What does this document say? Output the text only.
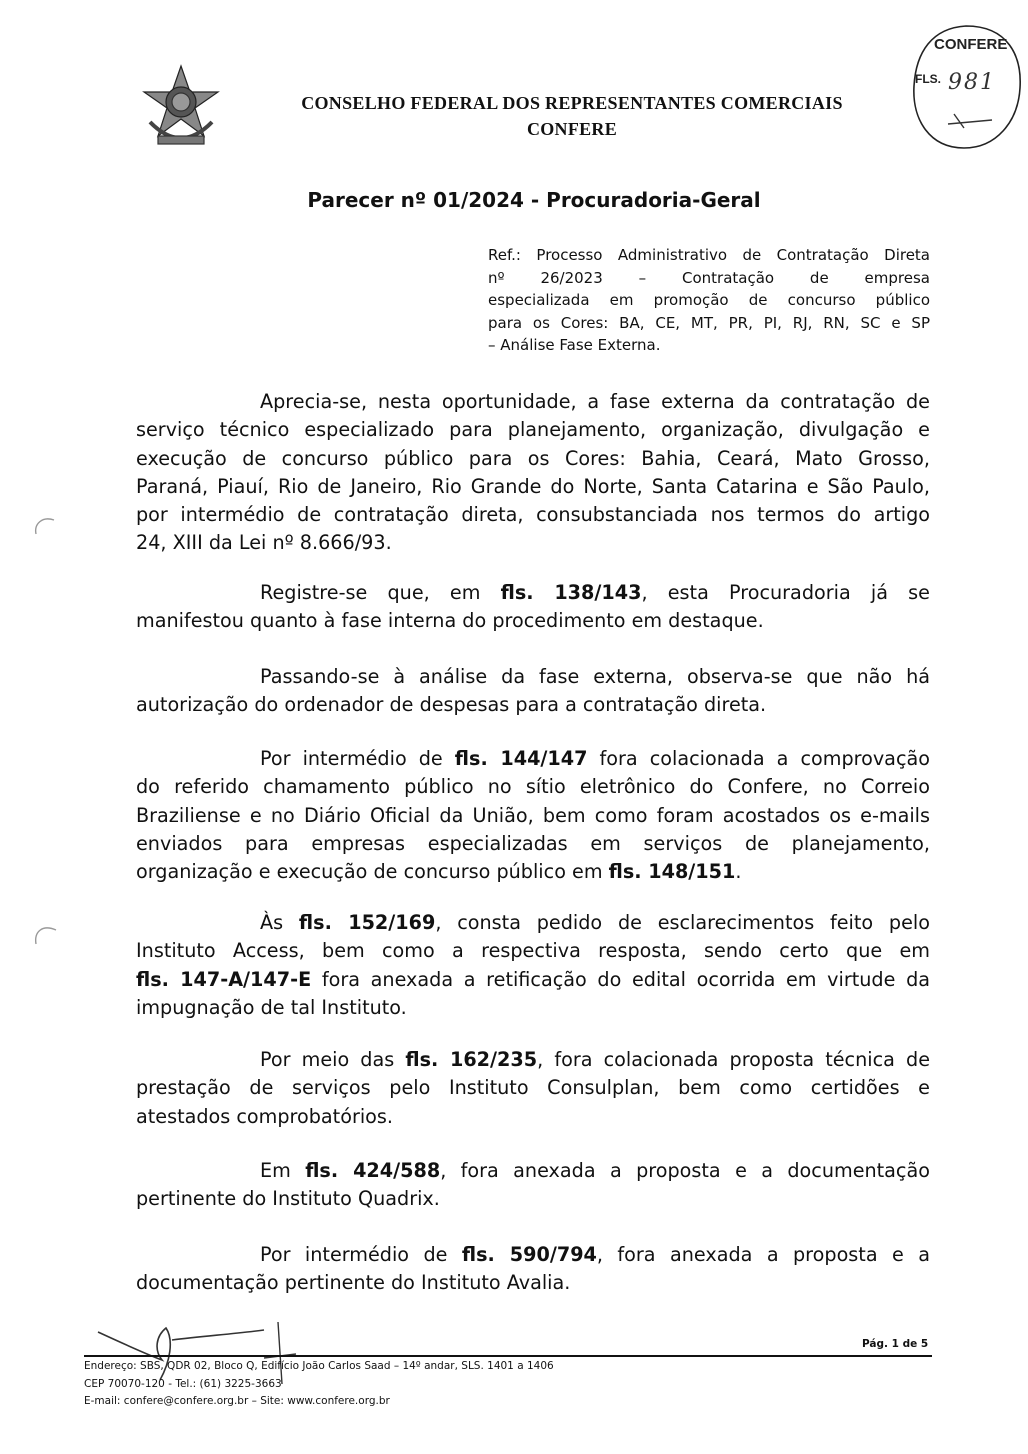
CONSELHO FEDERAL DOS REPRESENTANTES COMERCIAIS
CONFERE
CONFERE
FLS. 981
Parecer nº 01/2024 - Procuradoria-Geral
Ref.: Processo Administrativo de Contratação Direta
nº 26/2023 – Contratação de empresa
especializada em promoção de concurso público
para os Cores: BA, CE, MT, PR, PI, RJ, RN, SC e SP
– Análise Fase Externa.
Aprecia-se, nesta oportunidade, a fase externa da contratação de
serviço técnico especializado para planejamento, organização, divulgação e
execução de concurso público para os Cores: Bahia, Ceará, Mato Grosso,
Paraná, Piauí, Rio de Janeiro, Rio Grande do Norte, Santa Catarina e São Paulo,
por intermédio de contratação direta, consubstanciada nos termos do artigo
24, XIII da Lei nº 8.666/93.
Registre-se que, em fls. 138/143, esta Procuradoria já se
manifestou quanto à fase interna do procedimento em destaque.
Passando-se à análise da fase externa, observa-se que não há
autorização do ordenador de despesas para a contratação direta.
Por intermédio de fls. 144/147 fora colacionada a comprovação
do referido chamamento público no sítio eletrônico do Confere, no Correio
Braziliense e no Diário Oficial da União, bem como foram acostados os e-mails
enviados para empresas especializadas em serviços de planejamento,
organização e execução de concurso público em fls. 148/151.
Às fls. 152/169, consta pedido de esclarecimentos feito pelo
Instituto Access, bem como a respectiva resposta, sendo certo que em
fls. 147-A/147-E fora anexada a retificação do edital ocorrida em virtude da
impugnação de tal Instituto.
Por meio das fls. 162/235, fora colacionada proposta técnica de
prestação de serviços pelo Instituto Consulplan, bem como certidões e
atestados comprobatórios.
Em fls. 424/588, fora anexada a proposta e a documentação
pertinente do Instituto Quadrix.
Por intermédio de fls. 590/794, fora anexada a proposta e a
documentação pertinente do Instituto Avalia.
Pág. 1 de 5
Endereço: SBS, QDR 02, Bloco Q, Edifício João Carlos Saad – 14º andar, SLS. 1401 a 1406
CEP 70070-120 - Tel.: (61) 3225-3663
E-mail: confere@confere.org.br – Site: www.confere.org.br
